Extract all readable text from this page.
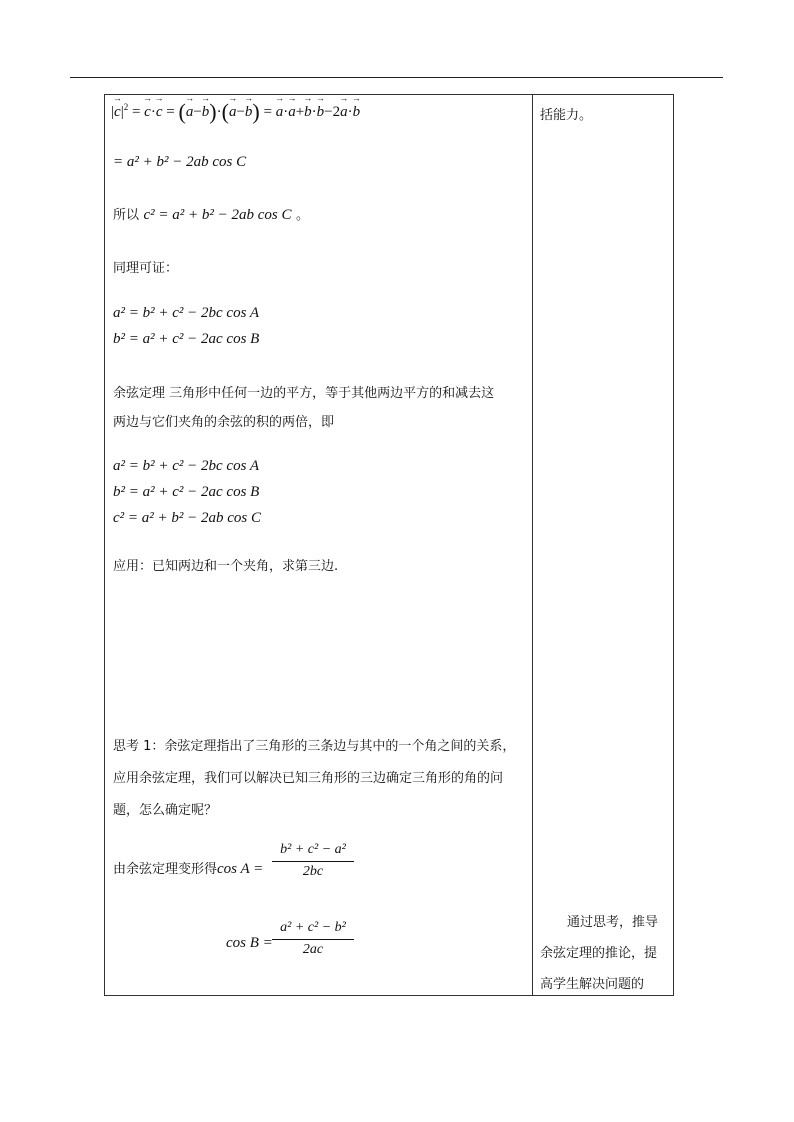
|→ $c|^2$ = → c·→ c = (→ a−→ b)·(→ a−→ b) = → a·→ a+→ b·→ b−2→ a·→ b
= a² + b² − 2ab cos C
所以 c² = a² + b² − 2ab cos C 。
同理可证：
a² = b² + c² − 2bc cos A
b² = a² + c² − 2ac cos B
余弦定理 三角形中任何一边的平方，等于其他两边平方的和减去这
两边与它们夹角的余弦的积的两倍，即
a² = b² + c² − 2bc cos A
b² = a² + c² − 2ac cos B
c² = a² + b² − 2ab cos C
应用：已知两边和一个夹角，求第三边.
思考 1：余弦定理指出了三角形的三条边与其中的一个角之间的关系，
应用余弦定理，我们可以解决已知三角形的三边确定三角形的角的问
题，怎么确定呢？
由余弦定理变形得cos A =
b² + c² − a²
2bc
cos B =
a² + c² − b²
2ac
括能力。
通过思考，推导
余弦定理的推论，提
高学生解决问题的
